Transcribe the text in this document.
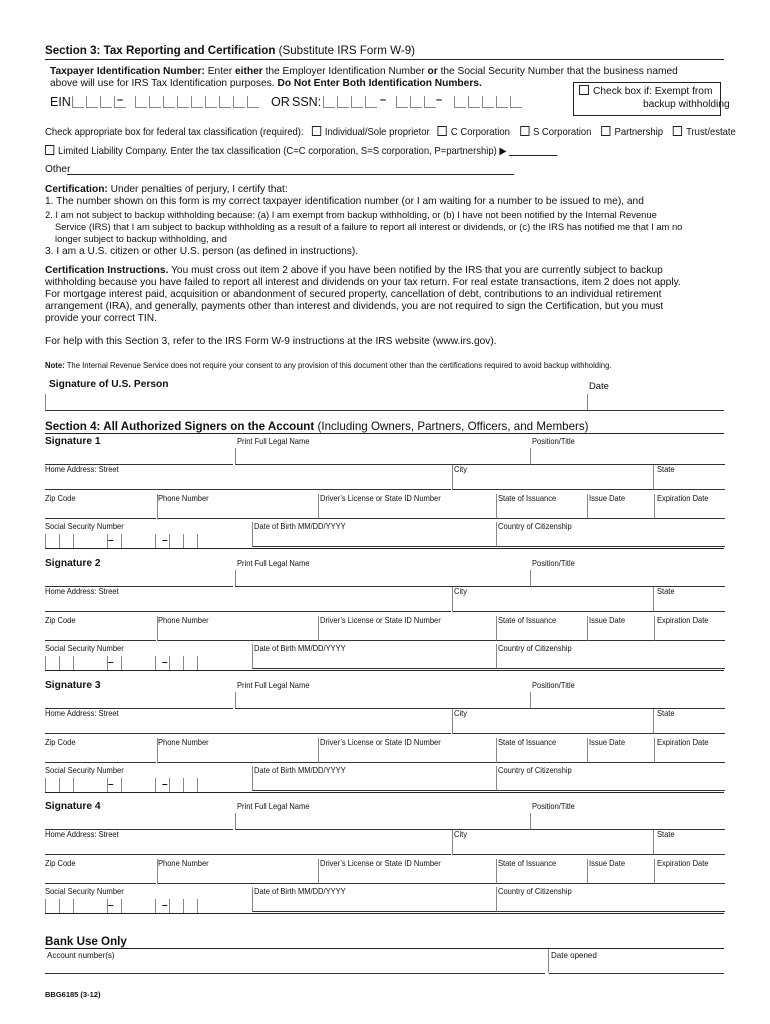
Section 3: Tax Reporting and Certification (Substitute IRS Form W-9)
Taxpayer Identification Number: Enter either the Employer Identification Number or the Social Security Number that the business named
above will use for IRS Tax Identification purposes. Do Not Enter Both Identification Numbers.
EIN:	–	OR SSN:	–	–
Check box if: Exempt from
backup withholding
Check appropriate box for federal tax classification (required): Individual/Sole proprietor C Corporation S Corporation Partnership Trust/estate
Limited Liability Company. Enter the tax classification (C=C corporation, S=S corporation, P=partnership) ▶
Other
Certification: Under penalties of perjury, I certify that:
1. The number shown on this form is my correct taxpayer identification number (or I am waiting for a number to be issued to me), and
2. I am not subject to backup withholding because: (a) I am exempt from backup withholding, or (b) I have not been notified by the Internal Revenue
Service (IRS) that I am subject to backup withholding as a result of a failure to report all interest or dividends, or (c) the IRS has notified me that I am no
longer subject to backup withholding, and
3. I am a U.S. citizen or other U.S. person (as defined in instructions).
Certification Instructions. You must cross out item 2 above if you have been notified by the IRS that you are currently subject to backup
withholding because you have failed to report all interest and dividends on your tax return. For real estate transactions, item 2 does not apply.
For mortgage interest paid, acquisition or abandonment of secured property, cancellation of debt, contributions to an individual retirement
arrangement (IRA), and generally, payments other than interest and dividends, you are not required to sign the Certification, but you must
provide your correct TIN.
For help with this Section 3, refer to the IRS Form W-9 instructions at the IRS website (www.irs.gov).
Note: The Internal Revenue Service does not require your consent to any provision of this document other than the certifications required to avoid backup withholding.
Signature of U.S. Person	Date
Section 4: All Authorized Signers on the Account (Including Owners, Partners, Officers, and Members)
Signature 1	Print Full Legal Name	Position/Title
Home Address: Street	City	State
Zip Code	Phone Number	Driver’s License or State ID Number	State of Issuance	Issue Date	Expiration Date
Social Security Number	Date of Birth MM/DD/YYYY	Country of Citizenship
–	–
Signature 2	Print Full Legal Name	Position/Title
Home Address: Street	City	State
Zip Code	Phone Number	Driver’s License or State ID Number	State of Issuance	Issue Date	Expiration Date
Social Security Number	Date of Birth MM/DD/YYYY	Country of Citizenship
–	–
Signature 3	Print Full Legal Name	Position/Title
Home Address: Street	City	State
Zip Code	Phone Number	Driver’s License or State ID Number	State of Issuance	Issue Date	Expiration Date
Social Security Number	Date of Birth MM/DD/YYYY	Country of Citizenship
–	–
Signature 4	Print Full Legal Name	Position/Title
Home Address: Street	City	State
Zip Code	Phone Number	Driver’s License or State ID Number	State of Issuance	Issue Date	Expiration Date
Social Security Number	Date of Birth MM/DD/YYYY	Country of Citizenship
–	–
Bank Use Only
Account number(s)	Date opened
BBG6185 (3-12)
